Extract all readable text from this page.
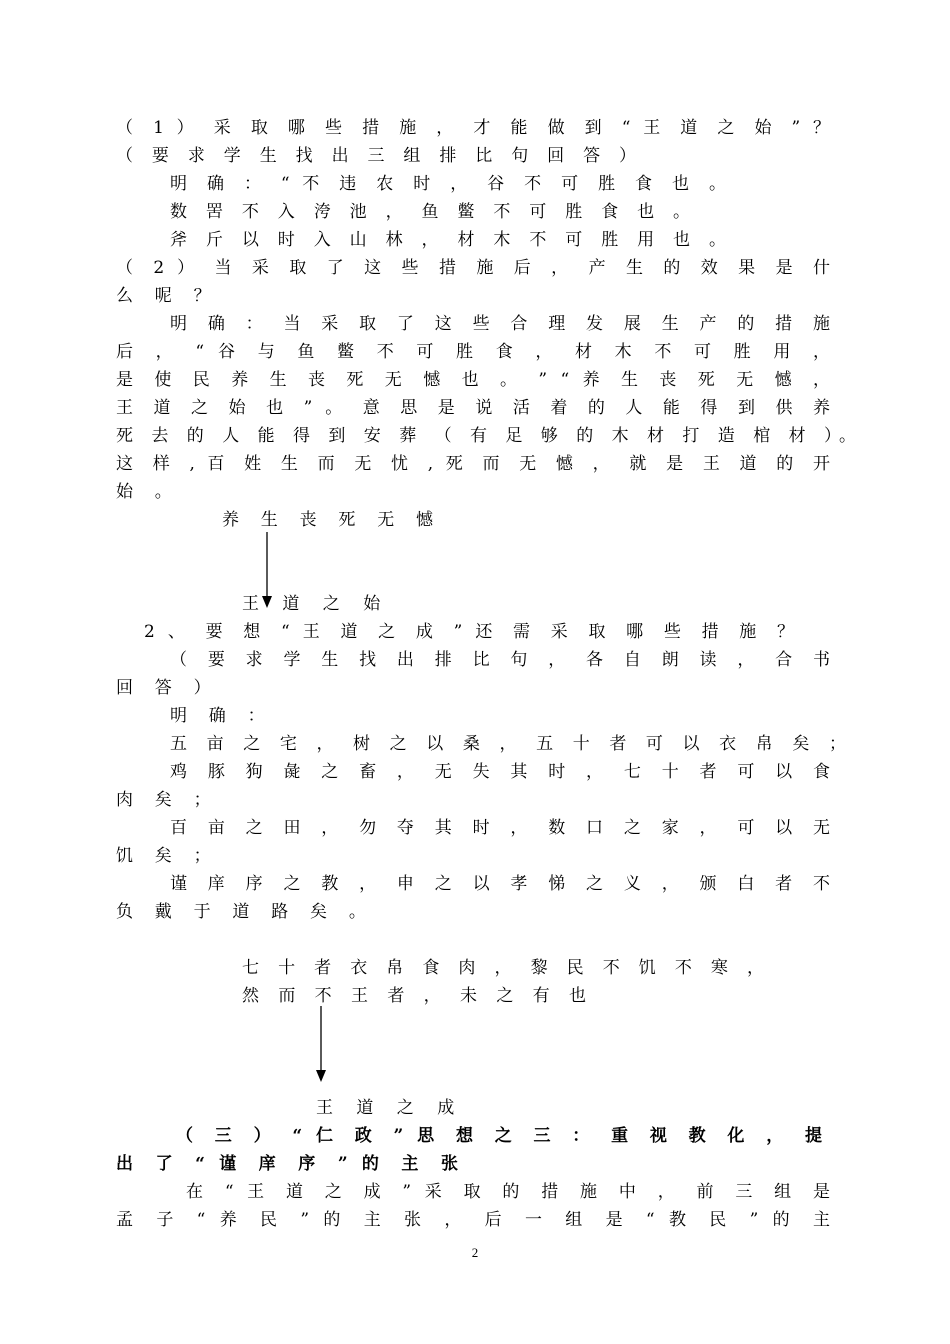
（ 1 ） 采 取 哪 些 措 施 ， 才 能 做 到 “ 王 道 之 始 ” ？
（ 要 求 学 生 找 出 三 组 排 比 句 回 答 ）
明 确 ： “ 不 违 农 时 ， 谷 不 可 胜 食 也 。
数 罟 不 入 洿 池 ， 鱼 鳖 不 可 胜 食 也 。
斧 斤 以 时 入 山 林 ， 材 木 不 可 胜 用 也 。
（ 2 ） 当 采 取 了 这 些 措 施 后 ， 产 生 的 效 果 是 什
么 呢 ？
明 确 ： 当 采 取 了 这 些 合 理 发 展 生 产 的 措 施
后 ， “ 谷 与 鱼 鳖 不 可 胜 食 ， 材 木 不 可 胜 用 ，
是 使 民 养 生 丧 死 无 憾 也 。 ” “ 养 生 丧 死 无 憾 ，
王 道 之 始 也 ” 。 意 思 是 说 活 着 的 人 能 得 到 供 养
死 去 的 人 能 得 到 安 葬 （ 有 足 够 的 木 材 打 造 棺 材 ）。
这 样 , 百 姓 生 而 无 忧 , 死 而 无 憾 ， 就 是 王 道 的 开
始 。
养 生 丧 死 无 憾
王 道 之 始
2 、 要 想 “ 王 道 之 成 ” 还 需 采 取 哪 些 措 施 ？
（ 要 求 学 生 找 出 排 比 句 ， 各 自 朗 读 ， 合 书
回 答 ）
明 确 ：
五 亩 之 宅 ， 树 之 以 桑 ， 五 十 者 可 以 衣 帛 矣 ；
鸡 豚 狗 彘 之 畜 ， 无 失 其 时 ， 七 十 者 可 以 食
肉 矣 ；
百 亩 之 田 ， 勿 夺 其 时 ， 数 口 之 家 ， 可 以 无
饥 矣 ；
谨 庠 序 之 教 ， 申 之 以 孝 悌 之 义 ， 颁 白 者 不
负 戴 于 道 路 矣 。
七 十 者 衣 帛 食 肉 ， 黎 民 不 饥 不 寒 ，
然 而 不 王 者 ， 未 之 有 也
王 道 之 成
（ 三 ） “ 仁 政 ” 思 想 之 三 ： 重 视 教 化 ， 提
出 了 “ 谨 庠 序 ” 的 主 张
在 “ 王 道 之 成 ” 采 取 的 措 施 中 ， 前 三 组 是
孟 子 “ 养 民 ” 的 主 张 ， 后 一 组 是 “ 教 民 ” 的 主
2
